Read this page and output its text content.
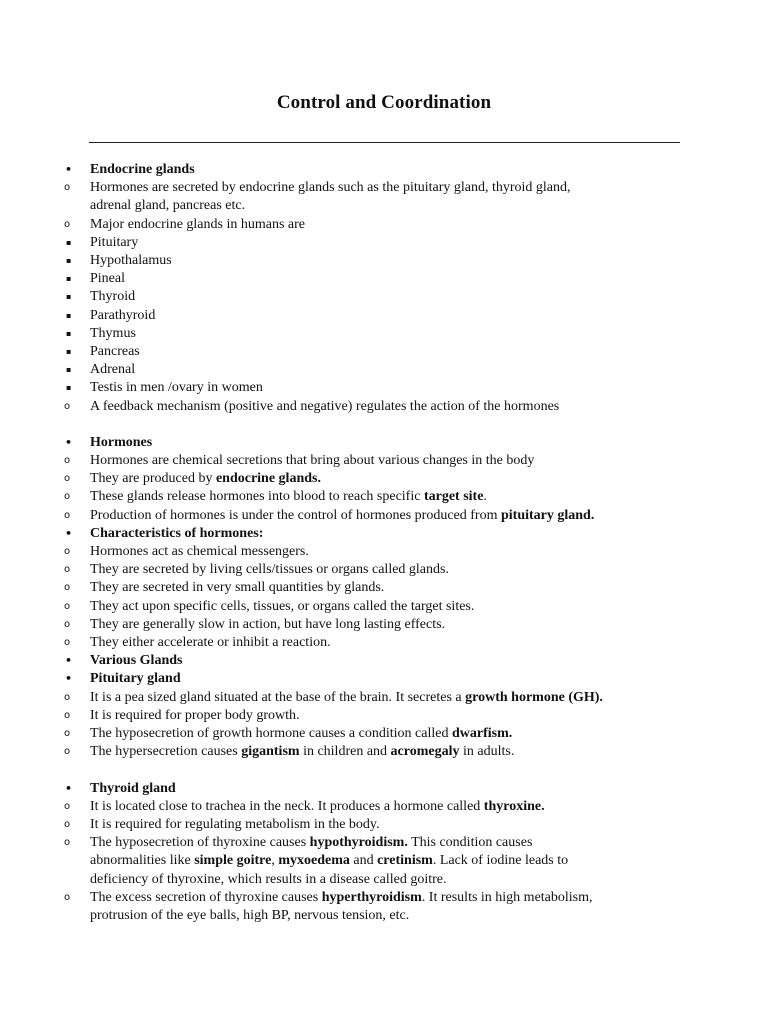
Control and Coordination
•	Endocrine glands
o	Hormones are secreted by endocrine glands such as the pituitary gland, thyroid gland,
adrenal gland, pancreas etc.
o	Major endocrine glands in humans are
▪	Pituitary
▪	Hypothalamus
▪	Pineal
▪	Thyroid
▪	Parathyroid
▪	Thymus
▪	Pancreas
▪	Adrenal
▪	Testis in men /ovary in women
o	A feedback mechanism (positive and negative) regulates the action of the hormones
•	Hormones
o	Hormones are chemical secretions that bring about various changes in the body
o	They are produced by endocrine glands.
o	These glands release hormones into blood to reach specific target site.
o	Production of hormones is under the control of hormones produced from pituitary gland.
•	Characteristics of hormones:
o	Hormones act as chemical messengers.
o	They are secreted by living cells/tissues or organs called glands.
o	They are secreted in very small quantities by glands.
o	They act upon specific cells, tissues, or organs called the target sites.
o	They are generally slow in action, but have long lasting effects.
o	They either accelerate or inhibit a reaction.
•	Various Glands
•	Pituitary gland
o	It is a pea sized gland situated at the base of the brain. It secretes a growth hormone (GH).
o	It is required for proper body growth.
o	The hyposecretion of growth hormone causes a condition called dwarfism.
o	The hypersecretion causes gigantism in children and acromegaly in adults.
•	Thyroid gland
o	It is located close to trachea in the neck. It produces a hormone called thyroxine.
o	It is required for regulating metabolism in the body.
o	The hyposecretion of thyroxine causes hypothyroidism. This condition causes
abnormalities like simple goitre, myxoedema and cretinism. Lack of iodine leads to
deficiency of thyroxine, which results in a disease called goitre.
o	The excess secretion of thyroxine causes hyperthyroidism. It results in high metabolism,
protrusion of the eye balls, high BP, nervous tension, etc.
